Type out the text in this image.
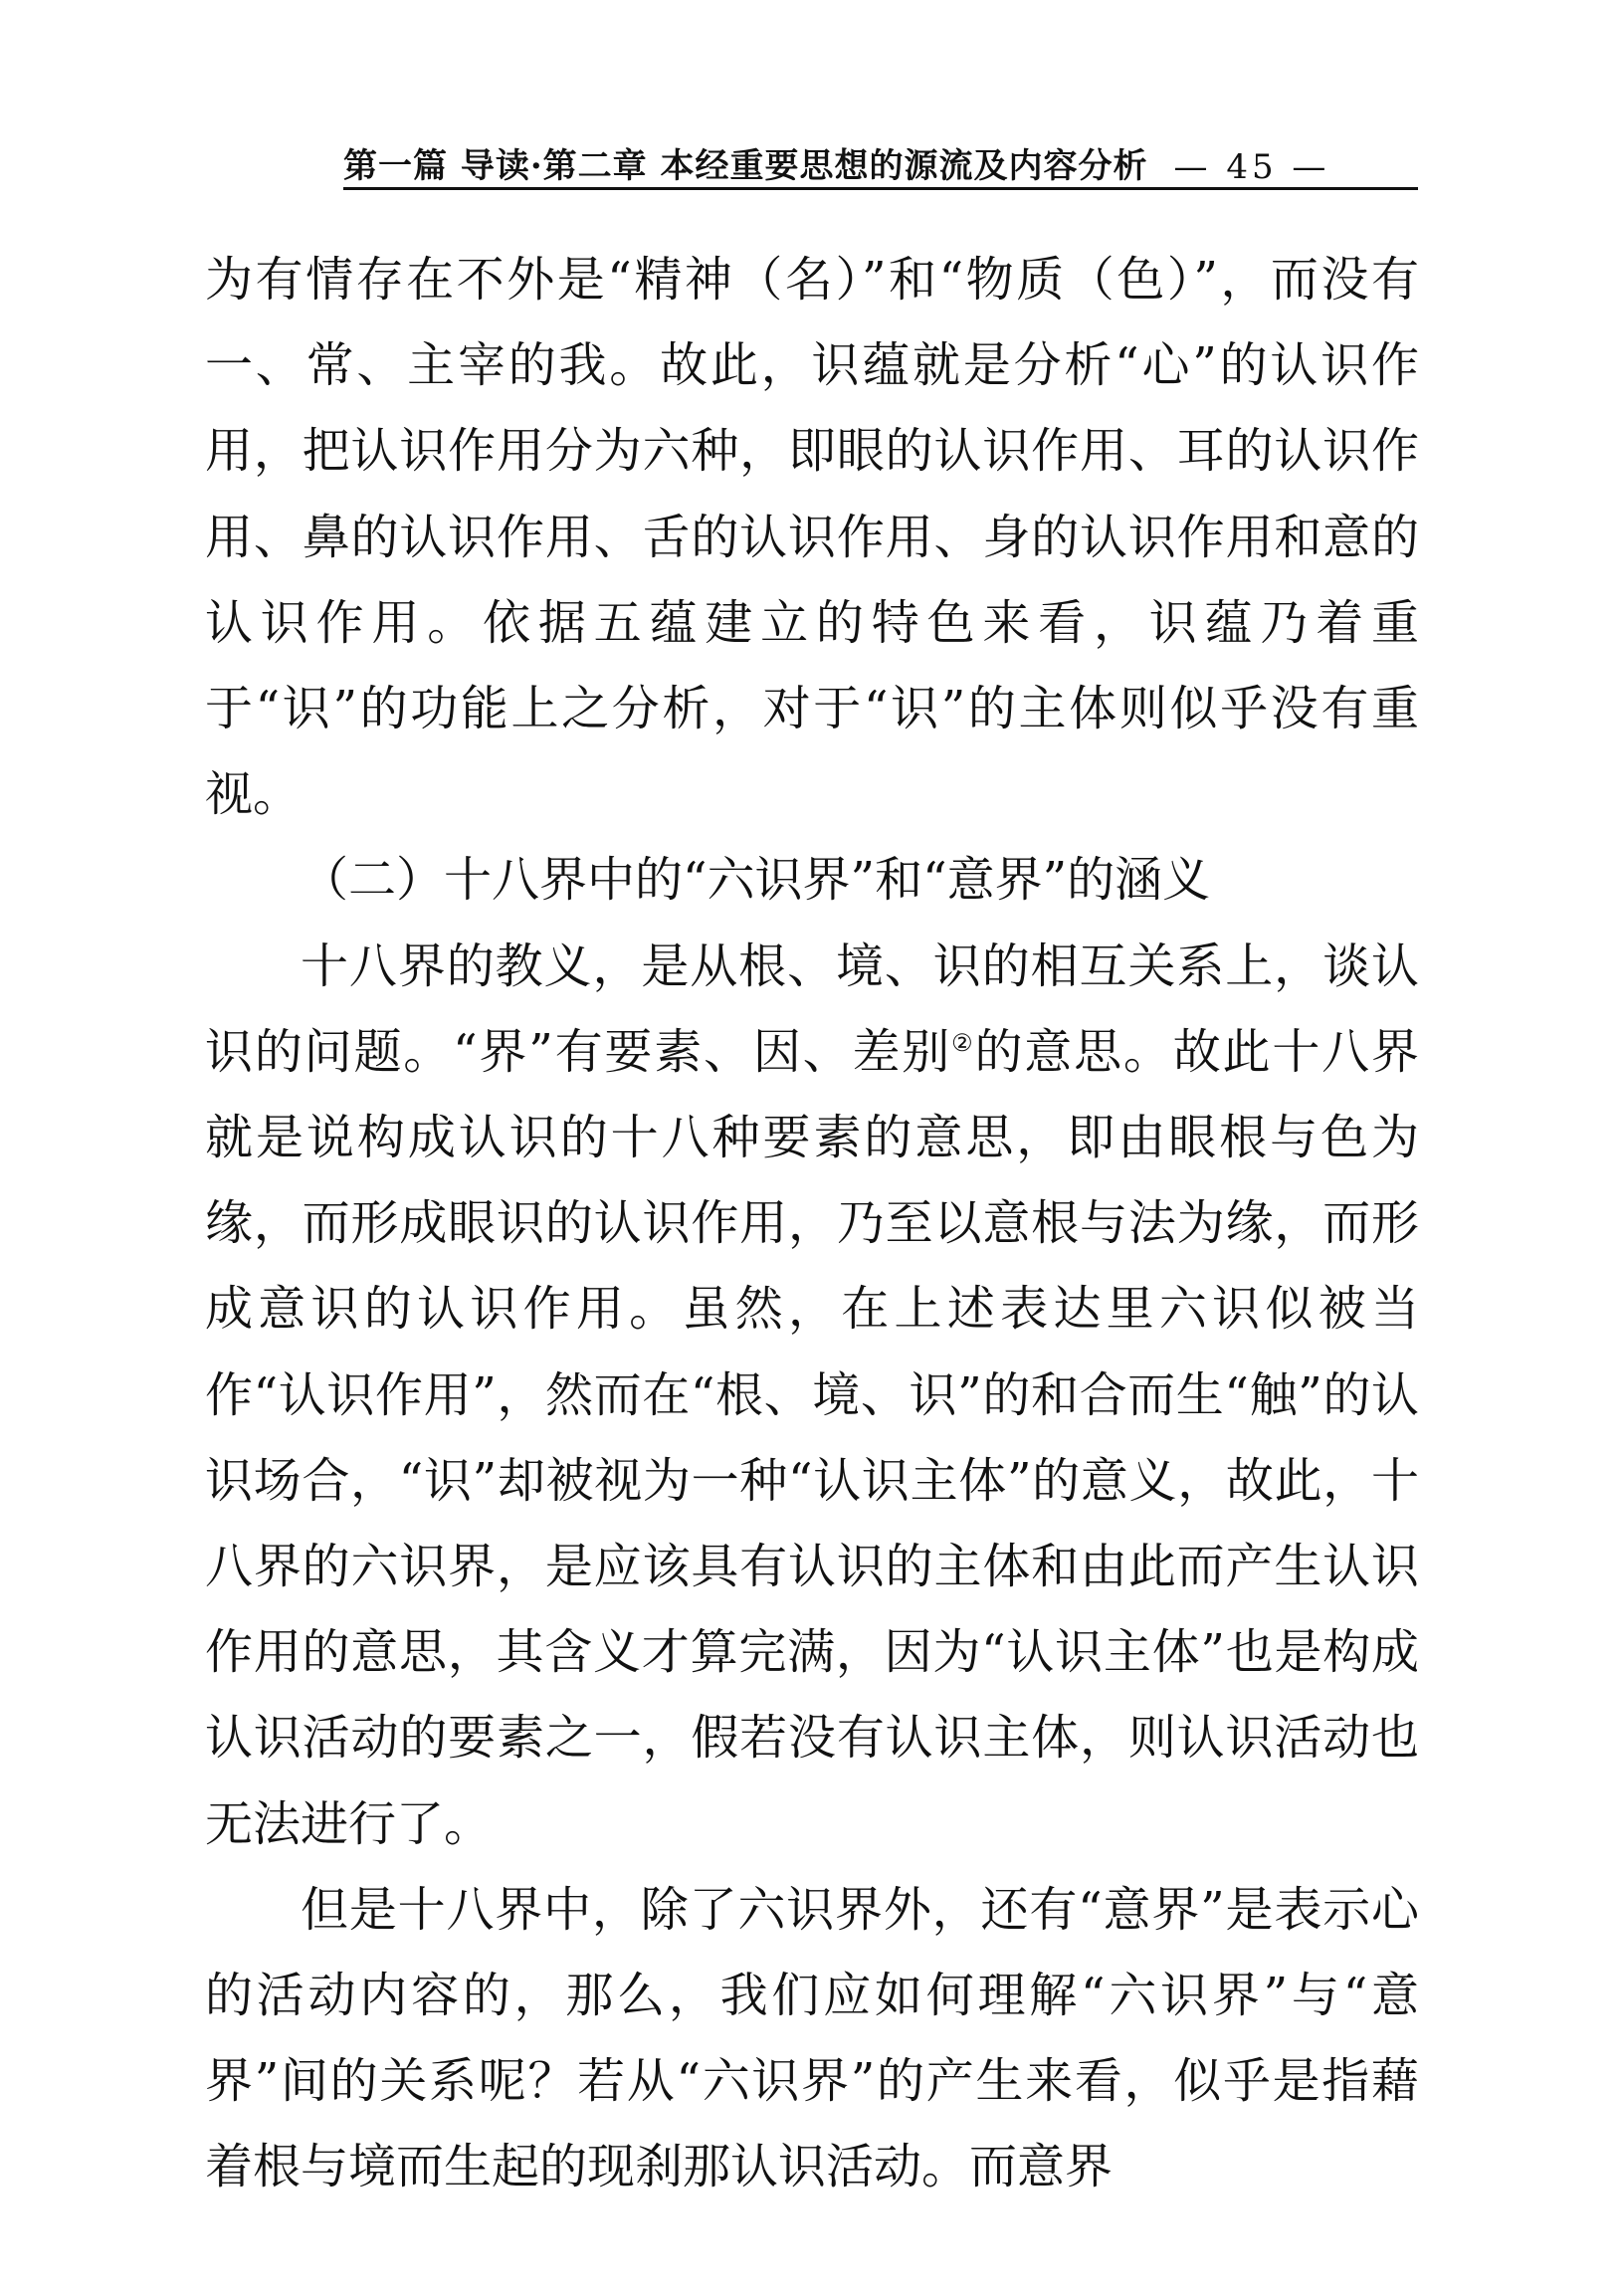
第一篇 导读·第二章 本经重要思想的源流及内容分析 — 45 —

为有情存在不外是“精神（名）”和“物质（色）”，而没有一、常、主宰的我。故此，识蕴就是分析“心”的认识作用，把认识作用分为六种，即眼的认识作用、耳的认识作用、鼻的认识作用、舌的认识作用、身的认识作用和意的认识作用。依据五蕴建立的特色来看，识蕴乃着重于“识”的功能上之分析，对于“识”的主体则似乎没有重视。

（二）十八界中的“六识界”和“意界”的涵义

十八界的教义，是从根、境、识的相互关系上，谈认识的问题。“界”有要素、因、差别②的意思。故此十八界就是说构成认识的十八种要素的意思，即由眼根与色为缘，而形成眼识的认识作用，乃至以意根与法为缘，而形成意识的认识作用。虽然，在上述表达里六识似被当作“认识作用”，然而在“根、境、识”的和合而生“触”的认识场合，“识”却被视为一种“认识主体”的意义，故此，十八界的六识界，是应该具有认识的主体和由此而产生认识作用的意思，其含义才算完满，因为“认识主体”也是构成认识活动的要素之一，假若没有认识主体，则认识活动也无法进行了。

但是十八界中，除了六识界外，还有“意界”是表示心的活动内容的，那么，我们应如何理解“六识界”与“意界”间的关系呢？若从“六识界”的产生来看，似乎是指藉着根与境而生起的现刹那认识活动。而意界
